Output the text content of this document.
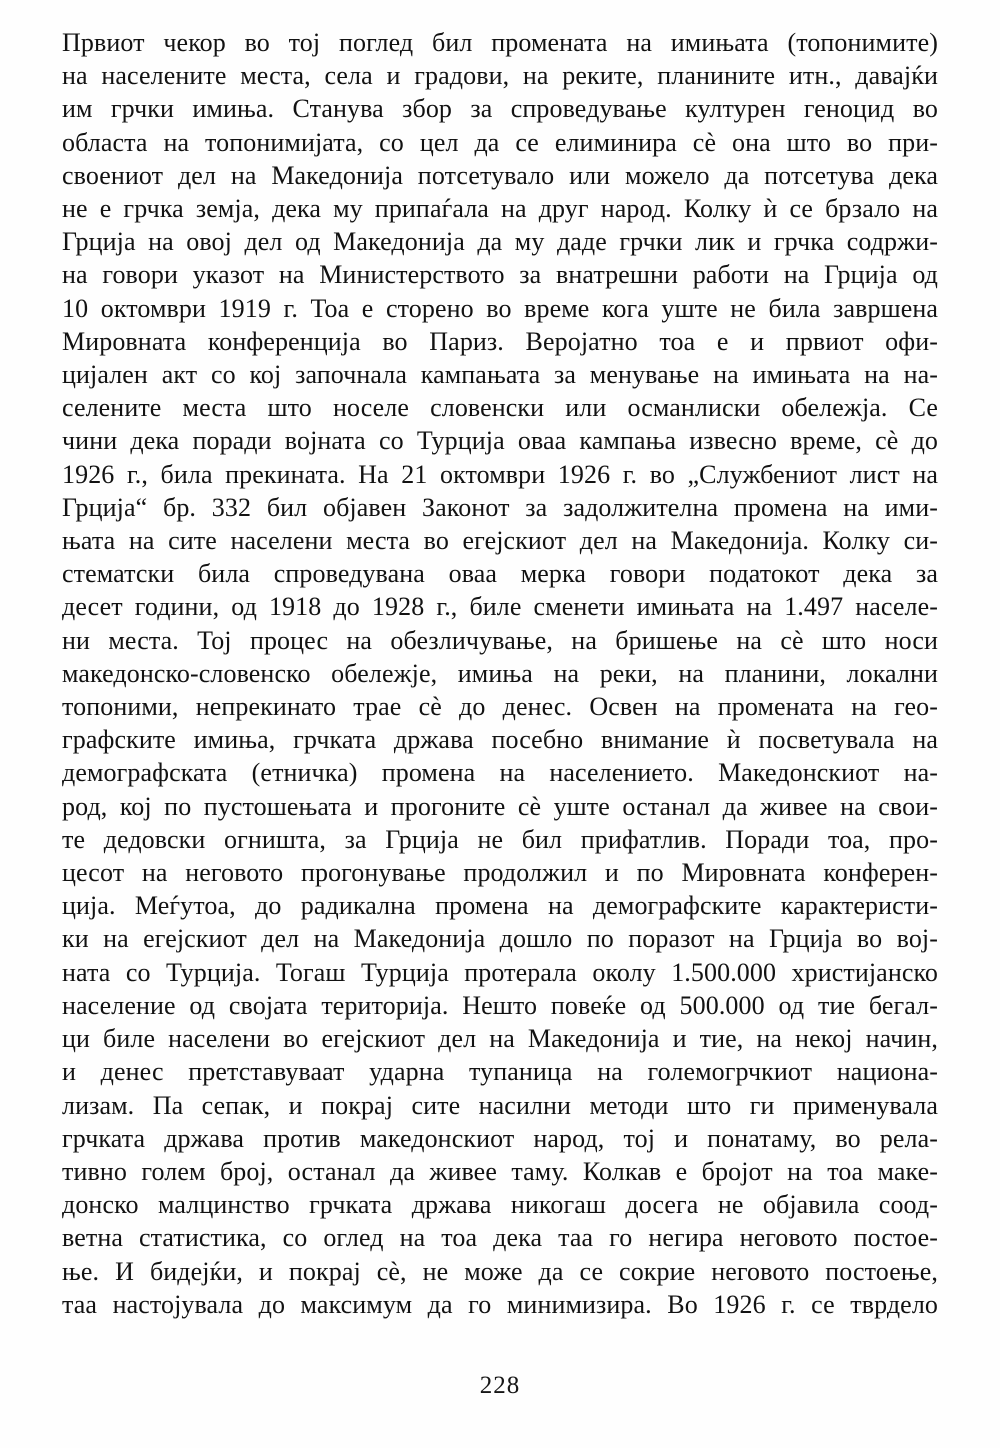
Првиот чекор во тој поглед бил промената на имињата (топонимите)
на населените места, села и градови, на реките, планините итн., давајќи
им грчки имиња. Станува збор за спроведување културен геноцид во
областа на топонимијата, со цел да се елиминира сè она што во при-
своениот дел на Македонија потсетувало или можело да потсетува дека
не е грчка земја, дека му припаѓала на друг народ. Колку ѝ се брзало на
Грција на овој дел од Македонија да му даде грчки лик и грчка содржи-
на говори указот на Министерството за внатрешни работи на Грција од
10 октомври 1919 г. Тоа е сторено во време кога уште не била завршена
Мировната конференција во Париз. Веројатно тоа е и првиот офи-
цијален акт со кој започнала кампањата за менување на имињата на на-
селените места што носеле словенски или османлиски обележја. Се
чини дека поради војната со Турција оваа кампања извесно време, сè до
1926 г., била прекината. На 21 октомври 1926 г. во „Службениот лист на
Грција“ бр. 332 бил објавен Законот за задолжителна промена на ими-
њата на сите населени места во егејскиот дел на Македонија. Колку си-
стематски била спроведувана оваа мерка говори податокот дека за
десет години, од 1918 до 1928 г., биле сменети имињата на 1.497 населе-
ни места. Тој процес на обезличување, на бришење на сè што носи
македонско-словенско обележје, имиња на реки, на планини, локални
топоними, непрекинато трае сè до денес. Освен на промената на гео-
графските имиња, грчката држава посебно внимание ѝ посветувала на
демографската (етничка) промена на населението. Македонскиот на-
род, кој по пустошењата и прогоните сè уште останал да живее на свои-
те дедовски огништа, за Грција не бил прифатлив. Поради тоа, про-
цесот на неговото прогонување продолжил и по Мировната конферен-
ција. Меѓутоа, до радикална промена на демографските карактеристи-
ки на егејскиот дел на Македонија дошло по поразот на Грција во вој-
ната со Турција. Тогаш Турција протерала околу 1.500.000 христијанско
население од својата територија. Нешто повеќе од 500.000 од тие бегал-
ци биле населени во егејскиот дел на Македонија и тие, на некој начин,
и денес претставуваат ударна тупаница на големогрчкиот национа-
лизам. Па сепак, и покрај сите насилни методи што ги применувала
грчката држава против македонскиот народ, тој и понатаму, во рела-
тивно голем број, останал да живее таму. Колкав е бројот на тоа маке-
донско малцинство грчката држава никогаш досега не објавила соод-
ветна статистика, со оглед на тоа дека таа го негира неговото постое-
ње. И бидејќи, и покрај сè, не може да се сокрие неговото постоење,
таа настојувала до максимум да го минимизира. Во 1926 г. се тврдело
228
